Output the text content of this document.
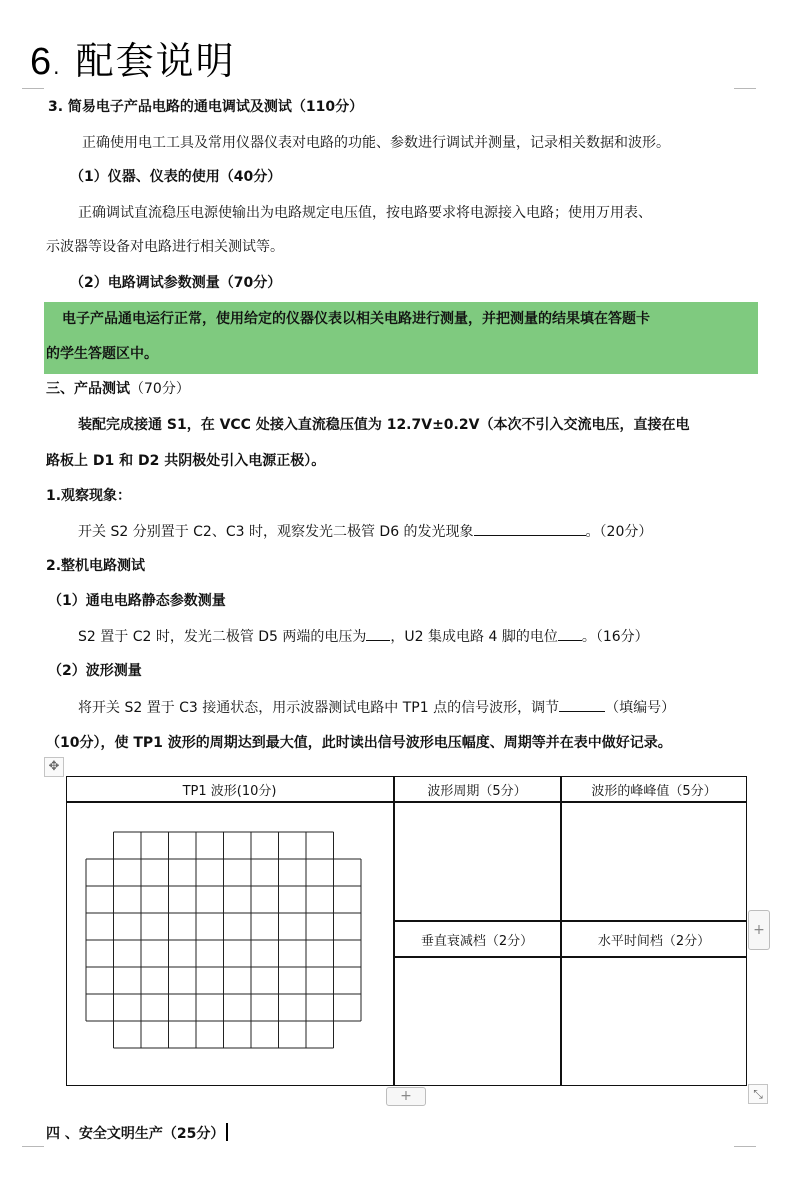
6. 配套说明
3. 简易电子产品电路的通电调试及测试（110分）
正确使用电工工具及常用仪器仪表对电路的功能、参数进行调试并测量，记录相关数据和波形。
（1）仪器、仪表的使用（40分）
正确调试直流稳压电源使输出为电路规定电压值，按电路要求将电源接入电路；使用万用表、
示波器等设备对电路进行相关测试等。
（2）电路调试参数测量（70分）
电子产品通电运行正常，使用给定的仪器仪表以相关电路进行测量，并把测量的结果填在答题卡
的学生答题区中。
三、产品测试（70分）
装配完成接通 S1，在 VCC 处接入直流稳压值为 12.7V±0.2V（本次不引入交流电压，直接在电
路板上 D1 和 D2 共阴极处引入电源正极）。
1.观察现象：
开关 S2 分别置于 C2、C3 时，观察发光二极管 D6 的发光现象	。（20分）
2.整机电路测试
（1）通电电路静态参数测量
S2 置于 C2 时，发光二极管 D5 两端的电压为 ，U2 集成电路 4 脚的电位 。（16分）
（2）波形测量
将开关 S2 置于 C3 接通状态，用示波器测试电路中 TP1 点的信号波形，调节	（填编号）
（10分），使 TP1 波形的周期达到最大值，此时读出信号波形电压幅度、周期等并在表中做好记录。
✥
TP1 波形(10分)	波形周期（5分）	波形的峰峰值（5分）
垂直衰减档（2分）	水平时间档（2分）
+
+	⤡
四 、安全文明生产（25分）
